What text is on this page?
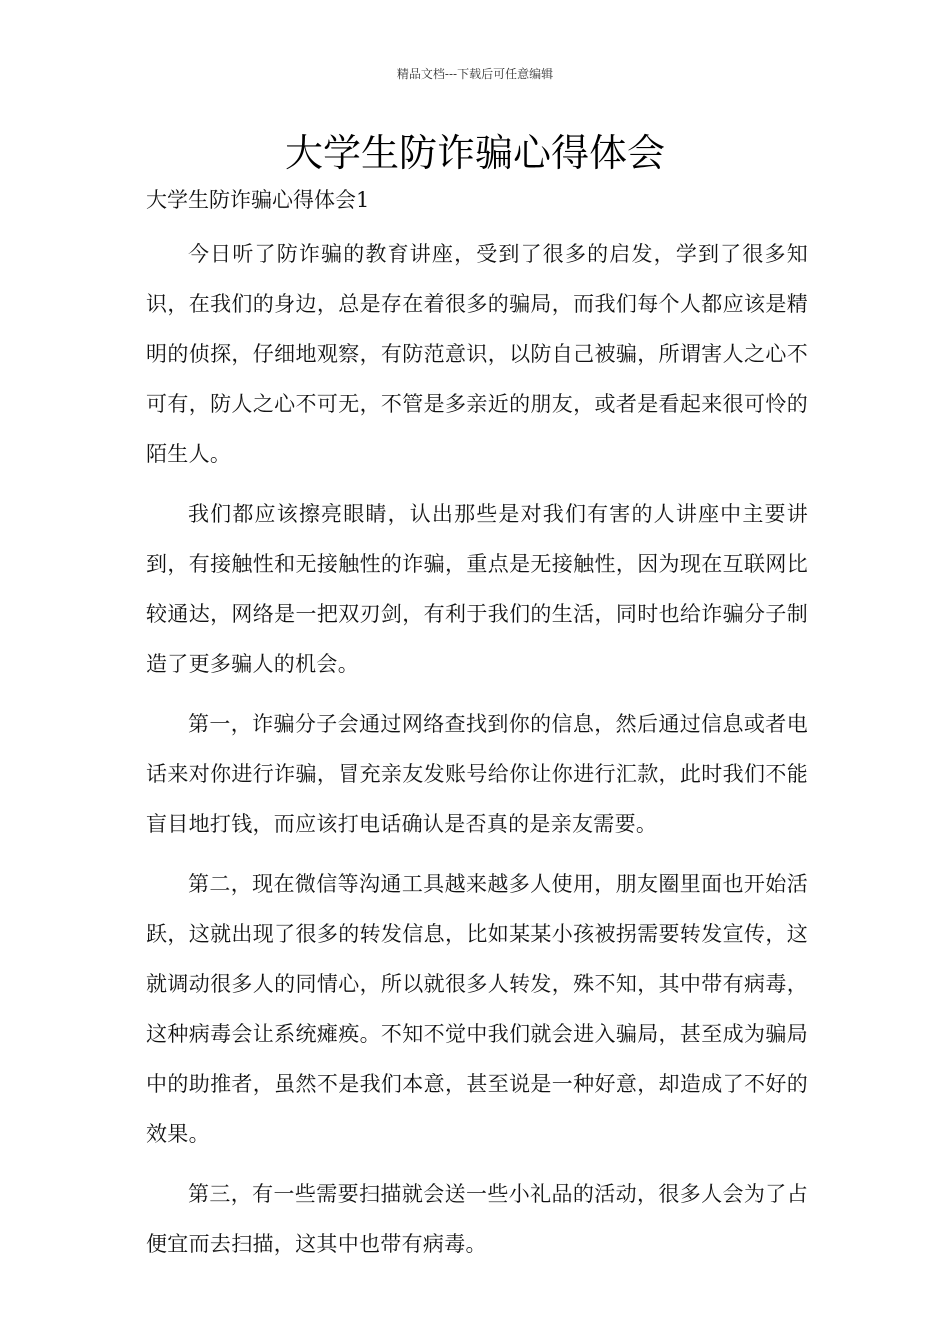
精品文档---下载后可任意编辑
大学生防诈骗心得体会
大学生防诈骗心得体会1

今日听了防诈骗的教育讲座，受到了很多的启发，学到了很多知识，在我们的身边，总是存在着很多的骗局，而我们每个人都应该是精明的侦探，仔细地观察，有防范意识，以防自己被骗，所谓害人之心不可有，防人之心不可无，不管是多亲近的朋友，或者是看起来很可怜的陌生人。

我们都应该擦亮眼睛，认出那些是对我们有害的人讲座中主要讲到，有接触性和无接触性的诈骗，重点是无接触性，因为现在互联网比较通达，网络是一把双刃剑，有利于我们的生活，同时也给诈骗分子制造了更多骗人的机会。

第一，诈骗分子会通过网络查找到你的信息，然后通过信息或者电话来对你进行诈骗，冒充亲友发账号给你让你进行汇款，此时我们不能盲目地打钱，而应该打电话确认是否真的是亲友需要。

第二，现在微信等沟通工具越来越多人使用，朋友圈里面也开始活跃，这就出现了很多的转发信息，比如某某小孩被拐需要转发宣传，这就调动很多人的同情心，所以就很多人转发，殊不知，其中带有病毒，这种病毒会让系统瘫痪。不知不觉中我们就会进入骗局，甚至成为骗局中的助推者，虽然不是我们本意，甚至说是一种好意，却造成了不好的效果。

第三，有一些需要扫描就会送一些小礼品的活动，很多人会为了占便宜而去扫描，这其中也带有病毒。
